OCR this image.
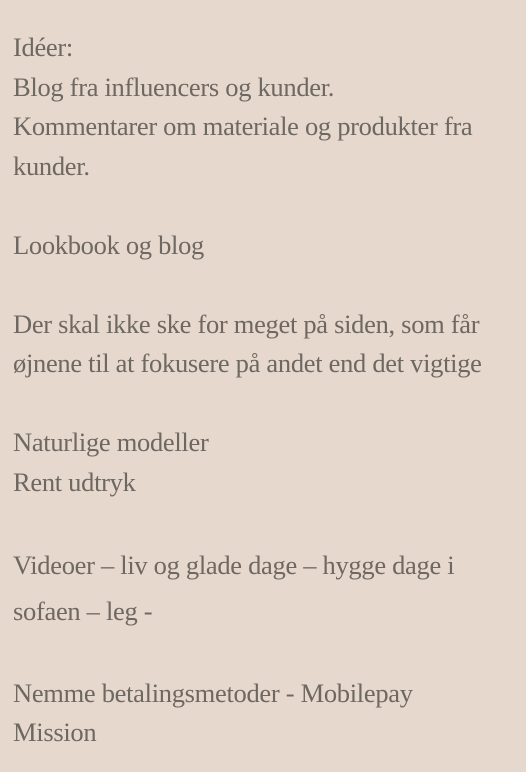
Idéer:
Blog fra influencers og kunder.
Kommentarer om materiale og produkter fra kunder.
Lookbook og blog
Der skal ikke ske for meget på siden, som får øjnene til at fokusere på andet end det vigtige
Naturlige modeller
Rent udtryk
Videoer – liv og glade dage – hygge dage i sofaen – leg -
Nemme betalingsmetoder - Mobilepay
Mission
